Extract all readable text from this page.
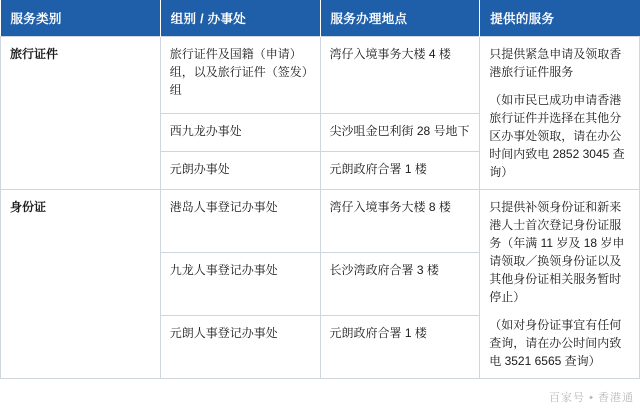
服务类别	组别 / 办事处	服务办理地点	提供的服务
旅行证件	旅行证件及国籍（申请）组，以及旅行证件（签发）组	湾仔入境事务大楼 4 楼	只提供紧急申请及领取香港旅行证件服务

（如市民已成功申请香港旅行证件并选择在其他分区办事处领取，请在办公时间内致电 2852 3045 查询）

	西九龙办事处	尖沙咀金巴利街 28 号地下	
	元朗办事处	元朗政府合署 1 楼	
身份证	港岛人事登记办事处	湾仔入境事务大楼 8 楼	只提供补领身份证和新来港人士首次登记身份证服务（年满 11 岁及 18 岁申请领取／换领身份证以及其他身份证相关服务暂时停止）

（如对身份证事宜有任何查询，请在办公时间内致电 3521 6565 查询）

	九龙人事登记办事处	长沙湾政府合署 3 楼	
	元朗人事登记办事处	元朗政府合署 1 楼	
百家号 • 香港通
